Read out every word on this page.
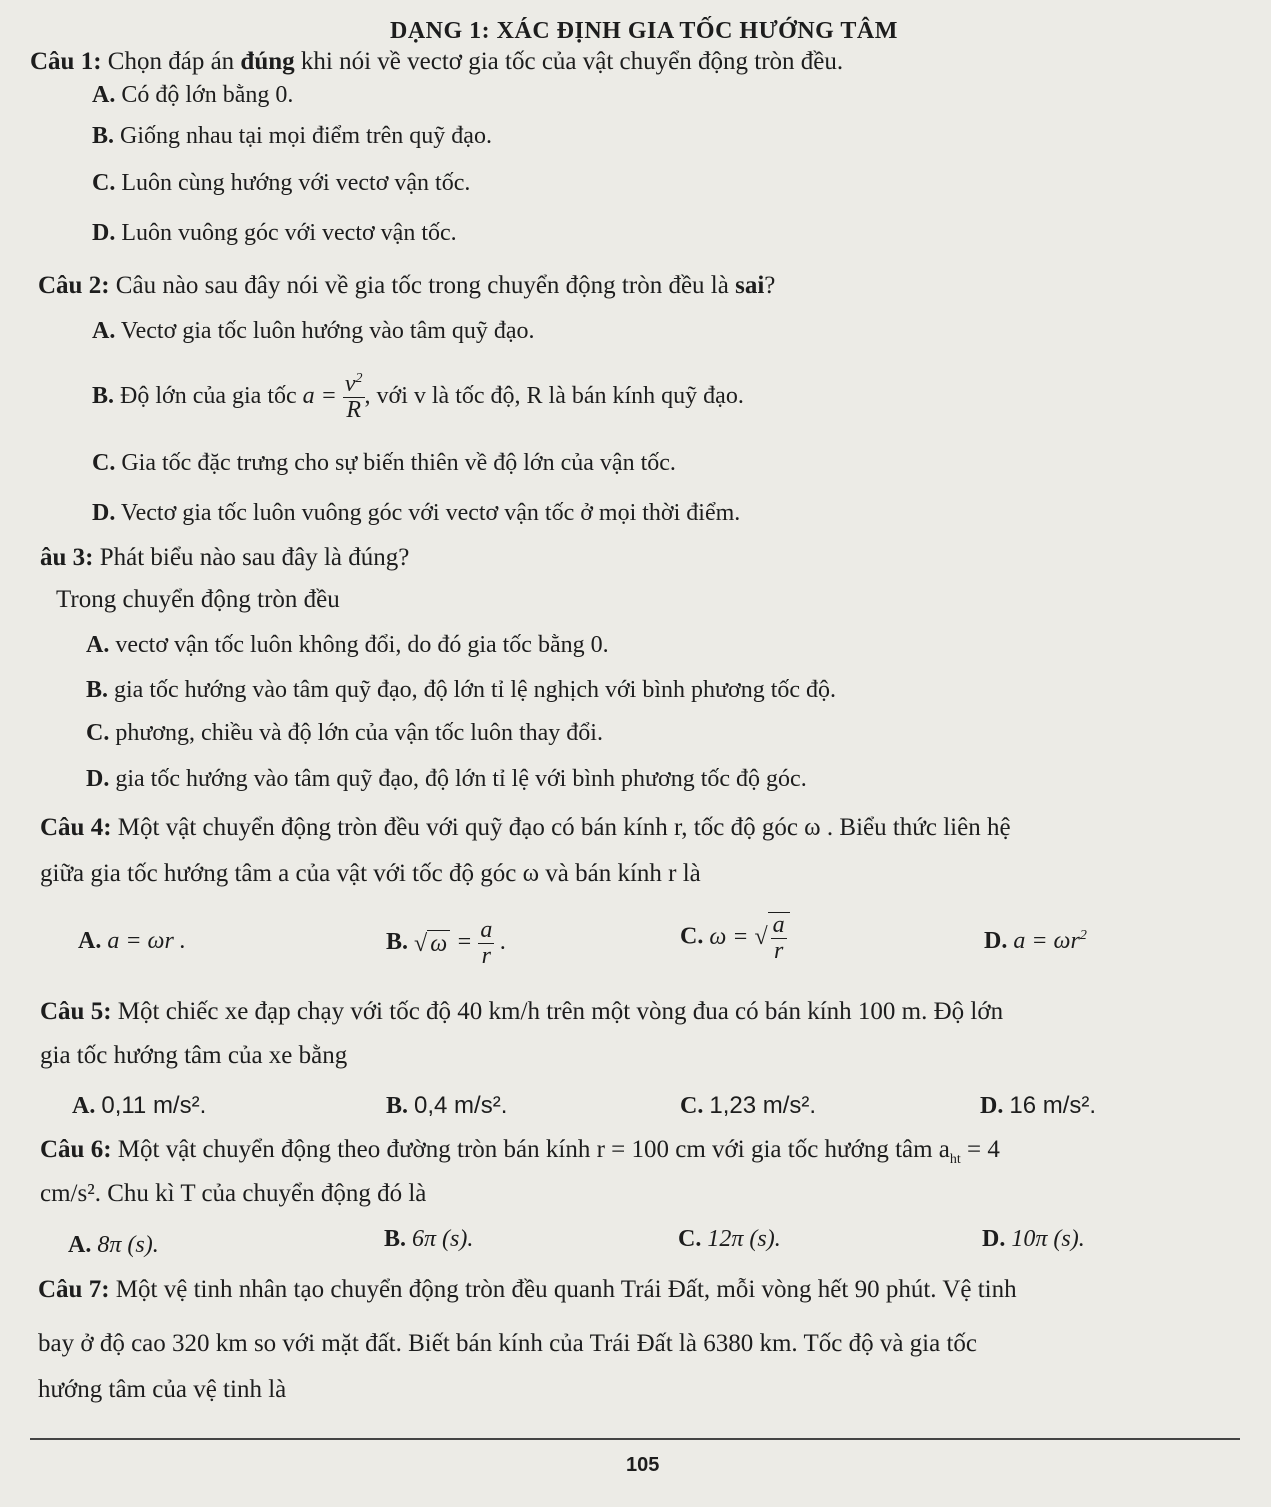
DẠNG 1: XÁC ĐỊNH GIA TỐC HƯỚNG TÂM
Câu 1: Chọn đáp án đúng khi nói về vectơ gia tốc của vật chuyển động tròn đều.
A. Có độ lớn bằng 0.
B. Giống nhau tại mọi điểm trên quỹ đạo.
C. Luôn cùng hướng với vectơ vận tốc.
D. Luôn vuông góc với vectơ vận tốc.
Câu 2: Câu nào sau đây nói về gia tốc trong chuyển động tròn đều là sai?
A. Vectơ gia tốc luôn hướng vào tâm quỹ đạo.
B. Độ lớn của gia tốc $a = \frac{v^2}{R}$ , với v là tốc độ, R là bán kính quỹ đạo.
C. Gia tốc đặc trưng cho sự biến thiên về độ lớn của vận tốc.
D. Vectơ gia tốc luôn vuông góc với vectơ vận tốc ở mọi thời điểm.
âu 3: Phát biểu nào sau đây là đúng?
Trong chuyển động tròn đều
A. vectơ vận tốc luôn không đổi, do đó gia tốc bằng 0.
B. gia tốc hướng vào tâm quỹ đạo, độ lớn tỉ lệ nghịch với bình phương tốc độ.
C. phương, chiều và độ lớn của vận tốc luôn thay đổi.
D. gia tốc hướng vào tâm quỹ đạo, độ lớn tỉ lệ với bình phương tốc độ góc.
Câu 4: Một vật chuyển động tròn đều với quỹ đạo có bán kính r, tốc độ góc ω . Biểu thức liên hệ
giữa gia tốc hướng tâm a của vật với tốc độ góc ω và bán kính r là
A. a = ωr .	B. √ $\omega = \frac{a}{r}$ .	C. ω = √ $\frac{a}{r}$	D. $a = \omega r^2$
Câu 5: Một chiếc xe đạp chạy với tốc độ 40 km/h trên một vòng đua có bán kính 100 m. Độ lớn
gia tốc hướng tâm của xe bằng
A. 0,11 m/s².	B. 0,4 m/s².	C. 1,23 m/s².	D. 16 m/s².
Câu 6: Một vật chuyển động theo đường tròn bán kính r = 100 cm với gia tốc hướng tâm $a_{ht} = 4$
cm/s². Chu kì T của chuyển động đó là
A. 8π (s).	B. 6π (s).	C. 12π (s).	D. 10π (s).
Câu 7: Một vệ tinh nhân tạo chuyển động tròn đều quanh Trái Đất, mỗi vòng hết 90 phút. Vệ tinh
bay ở độ cao 320 km so với mặt đất. Biết bán kính của Trái Đất là 6380 km. Tốc độ và gia tốc
hướng tâm của vệ tinh là
105
